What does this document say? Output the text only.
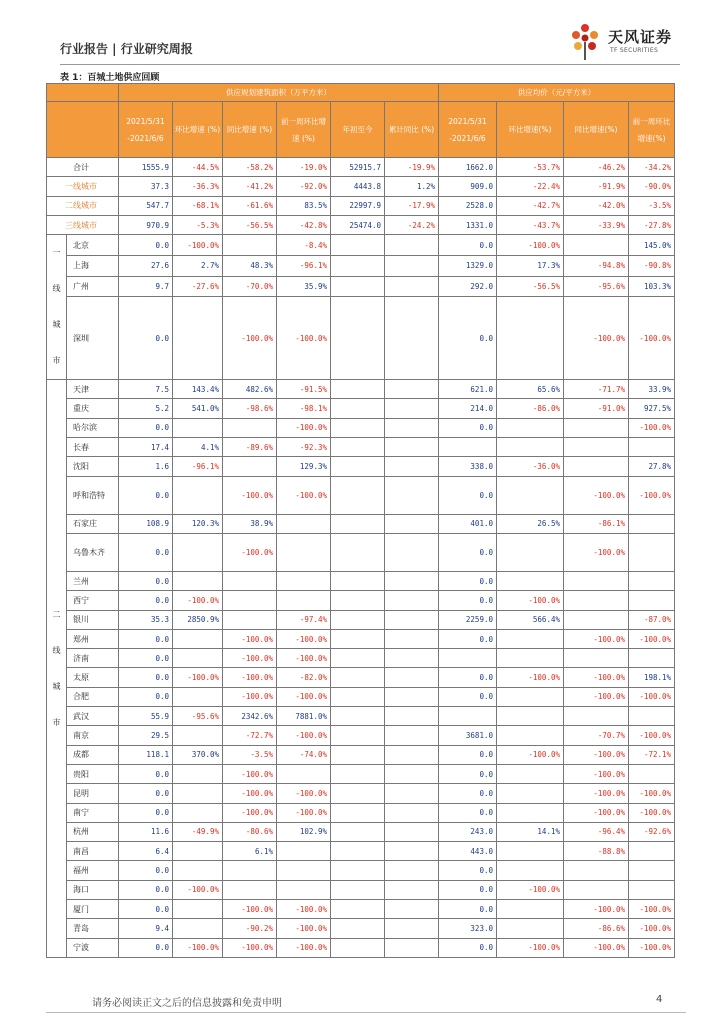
行业报告 | 行业研究周报
天风证券
TF SECURITIES
表 1：百城土地供应回顾
		供应规划建筑面积（万平方米）						供应均价（元/平方米）			
		2021/5/31 -2021/6/6	环比增速 (%)	同比增速 (%)	前一周环比增速 (%)	年初至今	累计同比 (%)	2021/5/31 -2021/6/6	环比增速(%)	同比增速(%)	前一周环比增速(%)
合计		1555.9	-44.5%	-58.2%	-19.0%	52915.7	-19.9%	1662.0	-53.7%	-46.2%	-34.2%
一线城市		37.3	-36.3%	-41.2%	-92.0%	4443.8	1.2%	909.0	-22.4%	-91.9%	-90.0%
二线城市		547.7	-68.1%	-61.6%	83.5%	22997.9	-17.9%	2528.0	-42.7%	-42.0%	-3.5%
三线城市		970.9	-5.3%	-56.5%	-42.8%	25474.0	-24.2%	1331.0	-43.7%	-33.9%	-27.8%

一
线
城
市	北京	0.0	-100.0%		-8.4%			0.0	-100.0%		145.0%
	上海	27.6	2.7%	48.3%	-96.1%			1329.0	17.3%	-94.8%	-90.8%
	广州	9.7	-27.6%	-70.0%	35.9%			292.0	-56.5%	-95.6%	103.3%
	深圳	0.0		-100.0%	-100.0%			0.0		-100.0%	-100.0%

二
线
城
市	天津	7.5	143.4%	482.6%	-91.5%			621.0	65.6%	-71.7%	33.9%
	重庆	5.2	541.0%	-98.6%	-98.1%			214.0	-86.0%	-91.0%	927.5%
	哈尔滨	0.0			-100.0%			0.0			-100.0%
	长春	17.4	4.1%	-89.6%	-92.3%						
	沈阳	1.6	-96.1%		129.3%			338.0	-36.0%		27.8%
	呼和浩特	0.0		-100.0%	-100.0%			0.0		-100.0%	-100.0%
	石家庄	108.9	120.3%	38.9%				401.0	26.5%	-86.1%	
	乌鲁木齐	0.0		-100.0%				0.0		-100.0%	
	兰州	0.0						0.0			
	西宁	0.0	-100.0%					0.0	-100.0%		
	银川	35.3	2850.9%		-97.4%			2259.0	566.4%		-87.0%
	郑州	0.0		-100.0%	-100.0%			0.0		-100.0%	-100.0%
	济南	0.0		-100.0%	-100.0%						
	太原	0.0	-100.0%	-100.0%	-82.0%			0.0	-100.0%	-100.0%	198.1%
	合肥	0.0		-100.0%	-100.0%			0.0		-100.0%	-100.0%
	武汉	55.9	-95.6%	2342.6%	7881.0%						
	南京	29.5		-72.7%	-100.0%			3681.0		-70.7%	-100.0%
	成都	118.1	370.0%	-3.5%	-74.0%			0.0	-100.0%	-100.0%	-72.1%
	贵阳	0.0		-100.0%				0.0		-100.0%	
	昆明	0.0		-100.0%	-100.0%			0.0		-100.0%	-100.0%
	南宁	0.0		-100.0%	-100.0%			0.0		-100.0%	-100.0%
	杭州	11.6	-49.9%	-80.6%	102.9%			243.0	14.1%	-96.4%	-92.6%
	南昌	6.4		6.1%				443.0		-88.8%	
	福州	0.0						0.0			
	海口	0.0	-100.0%					0.0	-100.0%		
	厦门	0.0		-100.0%	-100.0%			0.0		-100.0%	-100.0%
	青岛	9.4		-90.2%	-100.0%			323.0		-86.6%	-100.0%
	宁波	0.0	-100.0%	-100.0%	-100.0%			0.0	-100.0%	-100.0%	-100.0%
请务必阅读正文之后的信息披露和免责申明	4
